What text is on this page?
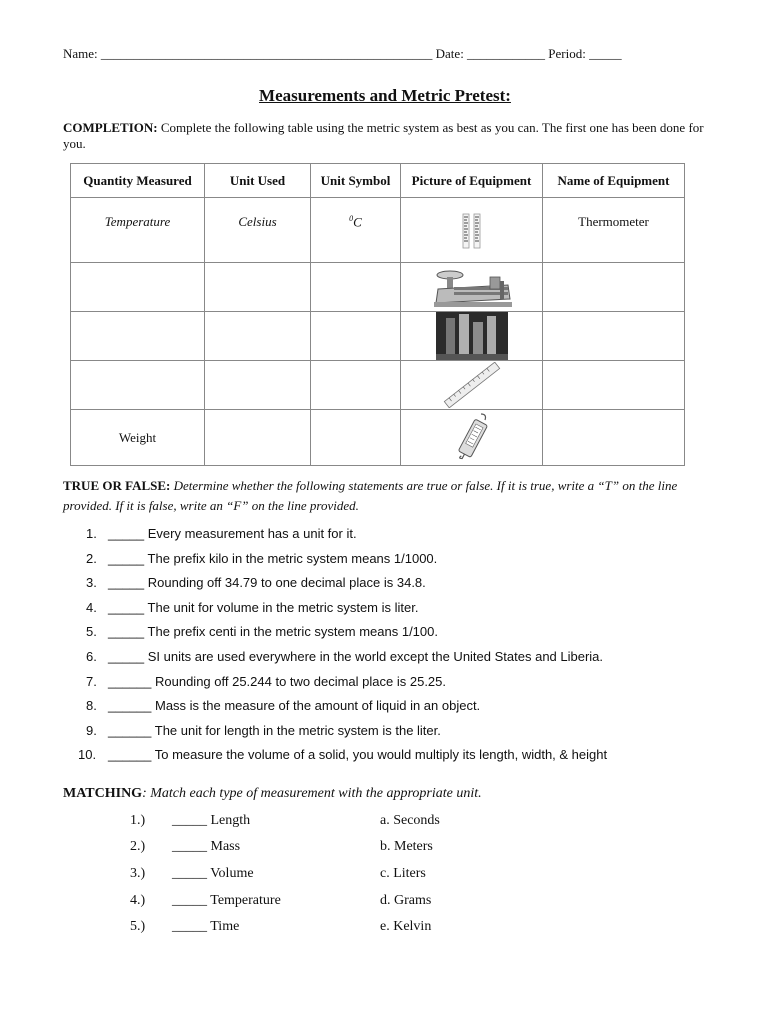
Name: ___________________________________________________ Date: ____________ Period: _____
Measurements and Metric Pretest:
COMPLETION: Complete the following table using the metric system as best as you can. The first one has been done for you.
Quantity Measured	Unit Used	Unit Symbol	Picture of Equipment	Name of Equipment
Temperature	Celsius	$^0$C		Thermometer

Weight			

TRUE OR FALSE: Determine whether the following statements are true or false. If it is true, write a “T” on the line provided. If it is false, write an “F” on the line provided.
1. _____ Every measurement has a unit for it.
2. _____ The prefix kilo in the metric system means 1/1000.
3. _____ Rounding off 34.79 to one decimal place is 34.8.
4. _____ The unit for volume in the metric system is liter.
5. _____ The prefix centi in the metric system means 1/100.
6. _____ SI units are used everywhere in the world except the United States and Liberia.
7. ______ Rounding off 25.244 to two decimal place is 25.25.
8. ______ Mass is the measure of the amount of liquid in an object.
9. ______ The unit for length in the metric system is the liter.
10. ______ To measure the volume of a solid, you would multiply its length, width, & height
MATCHING: Match each type of measurement with the appropriate unit.
1.) _____ Length	a. Seconds
2.) _____ Mass	b. Meters
3.) _____ Volume	c. Liters
4.) _____ Temperature	d. Grams
5.) _____ Time	e. Kelvin
